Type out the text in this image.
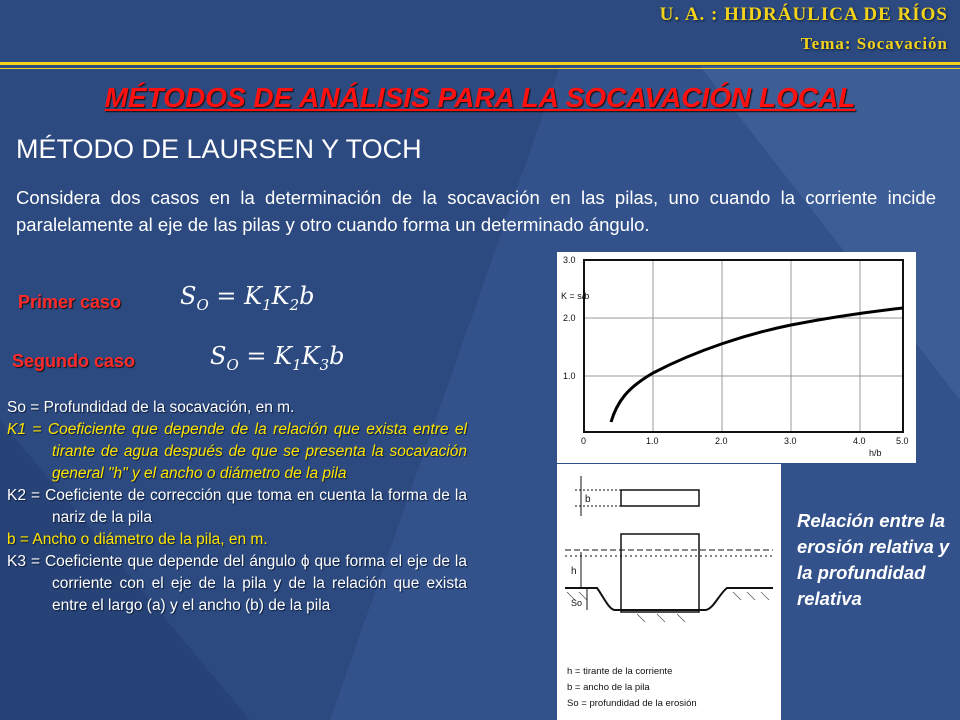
U. A. : HIDRÁULICA DE RÍOS
Tema: Socavación
MÉTODOS DE ANÁLISIS PARA LA SOCAVACIÓN LOCAL
MÉTODO DE LAURSEN Y TOCH
Considera dos casos en la determinación de la socavación en las pilas, uno cuando la corriente incide paralelamente al eje de las pilas y otro cuando forma un determinado ángulo.
Primer caso $S_O = K_1K_2b$
Segundo caso	$S_O = K_1K_3b$

So = Profundidad de la socavación, en m.

K1 = Coeficiente que depende de la relación que exista entre el tirante de agua después de que se presenta la socavación general "h" y el ancho o diámetro de la pila

K2 = Coeficiente de corrección que toma en cuenta la forma de la nariz de la pila

b = Ancho o diámetro de la pila, en m.

K3 = Coeficiente que depende del ángulo ϕ que forma el eje de la corriente con el eje de la pila y de la relación que exista entre el largo (a) y el ancho (b) de la pila

K = s/b
3.0
2.0
1.0
0	1.0	2.0	3.0	4.0	5.0
h/b
b
h
So
h = tirante de la corriente
b = ancho de la pila
So = profundidad de la erosión
Relación entre la erosión relativa y la profundidad relativa
